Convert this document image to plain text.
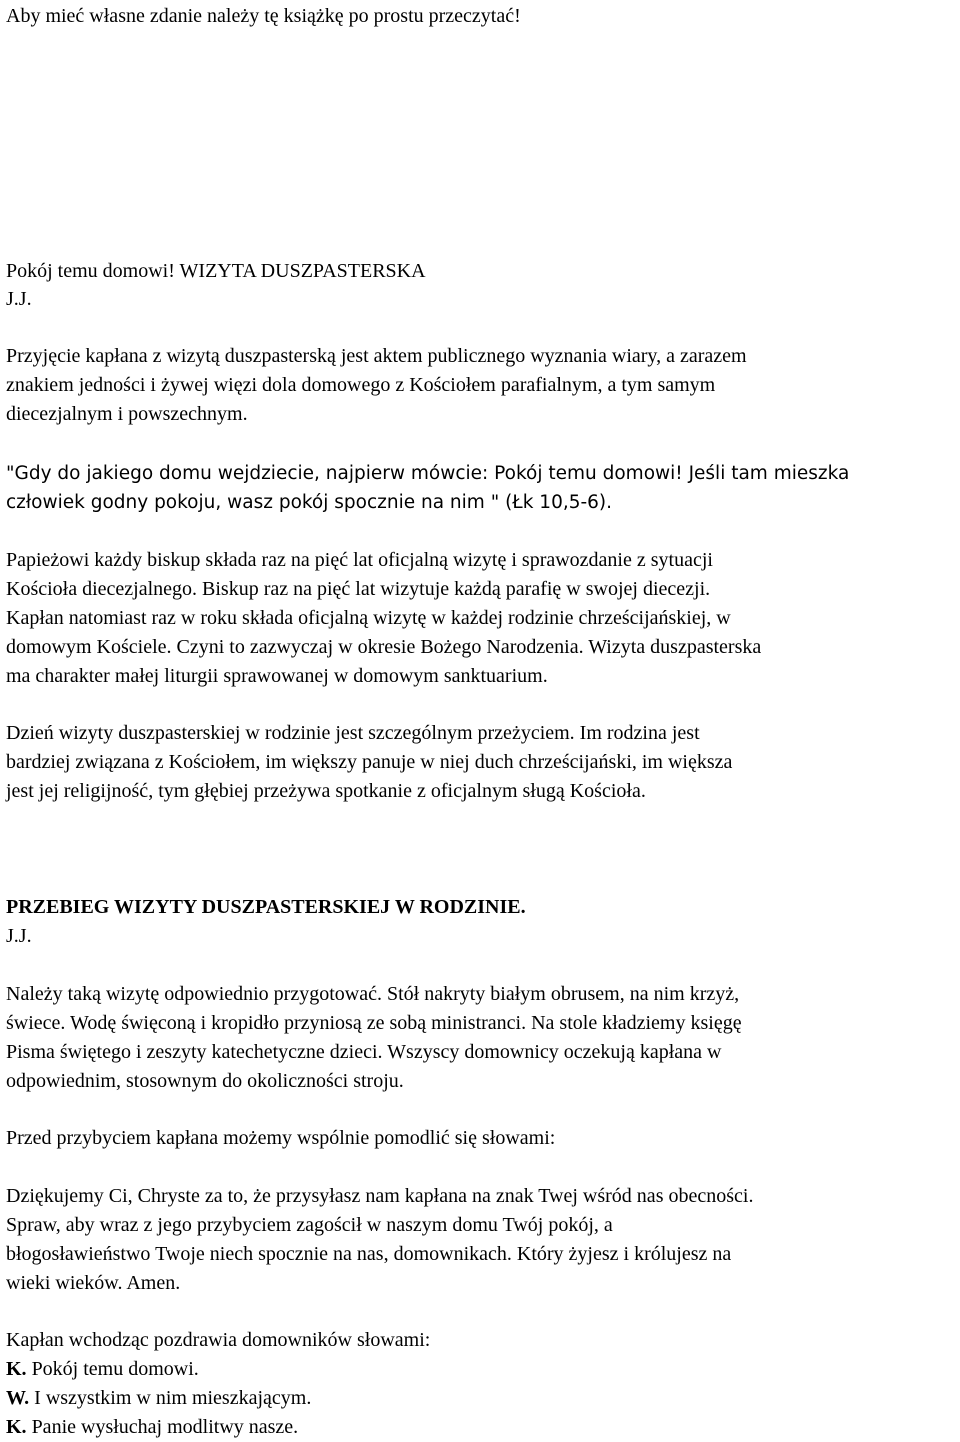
Aby mieć własne zdanie należy tę książkę po prostu przeczytać!
Pokój temu domowi! WIZYTA DUSZPASTERSKA
J.J.
Przyjęcie kapłana z wizytą duszpasterską jest aktem publicznego wyznania wiary, a zarazem
znakiem jedności i żywej więzi dola domowego z Kościołem parafialnym, a tym samym
diecezjalnym i powszechnym.
"Gdy do jakiego domu wejdziecie, najpierw mówcie: Pokój temu domowi! Jeśli tam mieszka
człowiek godny pokoju, wasz pokój spocznie na nim " (Łk 10,5-6).
Papieżowi każdy biskup składa raz na pięć lat oficjalną wizytę i sprawozdanie z sytuacji
Kościoła diecezjalnego. Biskup raz na pięć lat wizytuje każdą parafię w swojej diecezji.
Kapłan natomiast raz w roku składa oficjalną wizytę w każdej rodzinie chrześcijańskiej, w
domowym Kościele. Czyni to zazwyczaj w okresie Bożego Narodzenia. Wizyta duszpasterska
ma charakter małej liturgii sprawowanej w domowym sanktuarium.
Dzień wizyty duszpasterskiej w rodzinie jest szczególnym przeżyciem. Im rodzina jest
bardziej związana z Kościołem, im większy panuje w niej duch chrześcijański, im większa
jest jej religijność, tym głębiej przeżywa spotkanie z oficjalnym sługą Kościoła.
PRZEBIEG WIZYTY DUSZPASTERSKIEJ W RODZINIE.
J.J.
Należy taką wizytę odpowiednio przygotować. Stół nakryty białym obrusem, na nim krzyż,
świece. Wodę święconą i kropidło przyniosą ze sobą ministranci. Na stole kładziemy księgę
Pisma świętego i zeszyty katechetyczne dzieci. Wszyscy domownicy oczekują kapłana w
odpowiednim, stosownym do okoliczności stroju.
Przed przybyciem kapłana możemy wspólnie pomodlić się słowami:
Dziękujemy Ci, Chryste za to, że przysyłasz nam kapłana na znak Twej wśród nas obecności.
Spraw, aby wraz z jego przybyciem zagościł w naszym domu Twój pokój, a
błogosławieństwo Twoje niech spocznie na nas, domownikach. Który żyjesz i królujesz na
wieki wieków. Amen.
Kapłan wchodząc pozdrawia domowników słowami:
K. Pokój temu domowi.
W. I wszystkim w nim mieszkającym.
K. Panie wysłuchaj modlitwy nasze.
